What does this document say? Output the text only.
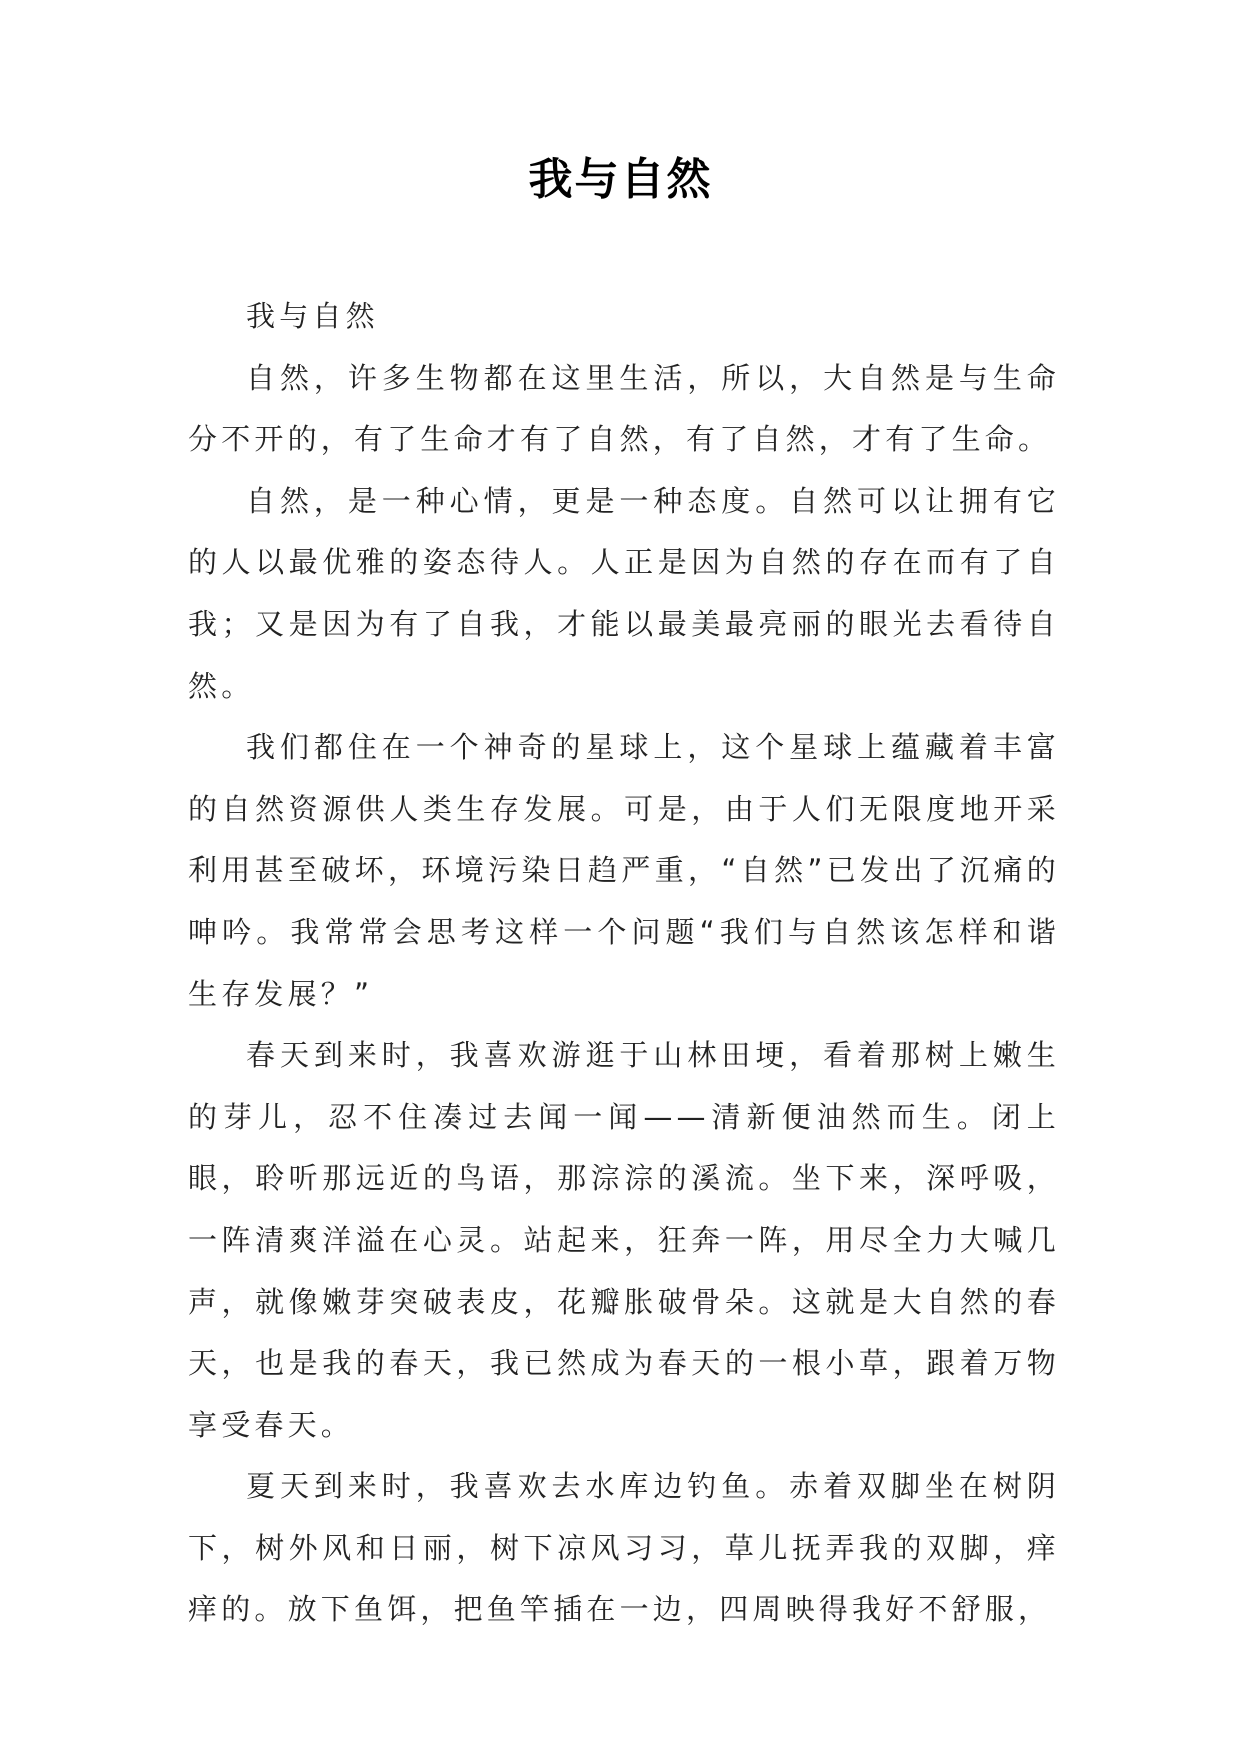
我与自然

我与自然

自然，许多生物都在这里生活，所以，大自然是与生命分不开的，有了生命才有了自然，有了自然，才有了生命。

自然，是一种心情，更是一种态度。自然可以让拥有它的人以最优雅的姿态待人。人正是因为自然的存在而有了自我；又是因为有了自我，才能以最美最亮丽的眼光去看待自然。

我们都住在一个神奇的星球上，这个星球上蕴藏着丰富的自然资源供人类生存发展。可是，由于人们无限度地开采利用甚至破坏，环境污染日趋严重，“自然”已发出了沉痛的呻吟。我常常会思考这样一个问题“我们与自然该怎样和谐生存发展？”

春天到来时，我喜欢游逛于山林田埂，看着那树上嫩生的芽儿，忍不住凑过去闻一闻——清新便油然而生。闭上眼，聆听那远近的鸟语，那淙淙的溪流。坐下来，深呼吸，一阵清爽洋溢在心灵。站起来，狂奔一阵，用尽全力大喊几声，就像嫩芽突破表皮，花瓣胀破骨朵。这就是大自然的春天，也是我的春天，我已然成为春天的一根小草，跟着万物享受春天。

夏天到来时，我喜欢去水库边钓鱼。赤着双脚坐在树阴下，树外风和日丽，树下凉风习习，草儿抚弄我的双脚，痒痒的。放下鱼饵，把鱼竿插在一边，四周映得我好不舒服，
